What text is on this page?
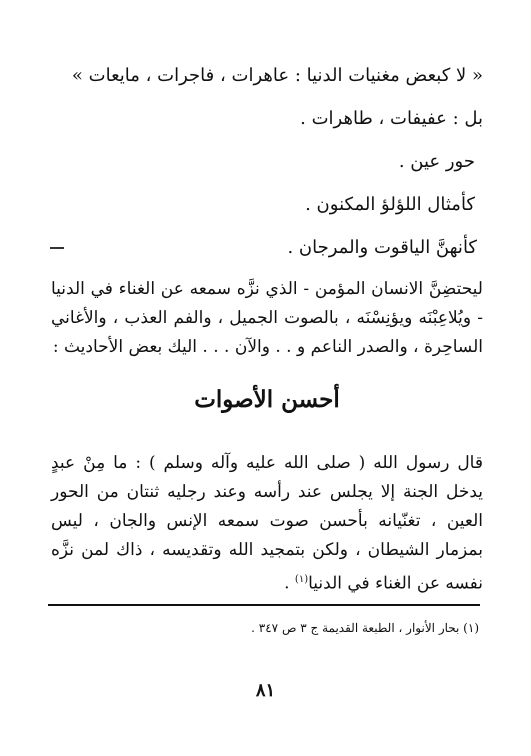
« لا كبعض مغنيات الدنيا : عاهرات ، فاجرات ، مايعات »
بل : عفيفات ، طاهرات .
حور عين .
كأمثال اللؤلؤ المكنون .
كأنهنَّ الياقوت والمرجان .

ليحتضِنَّ الانسان المؤمن - الذي نزَّه سمعه عن الغناء في الدنيا - ويُلاعِبْنَه ويؤنِسْنَه ، بالصوت الجميل ، والفم العذب ، والأغاني الساحِرة ، والصدر الناعم و . . والآن . . . اليك بعض الأحاديث :

أحسن الأصوات

قال رسول الله ( صلى الله عليه وآله وسلم ) : ما مِنْ عبدٍ يدخل الجنة إلا يجلس عند رأسه وعند رجليه ثنتان من الحور العين ، تغنّيانه بأحسن صوت سمعه الإنس والجان ، ليس بمزمار الشيطان ، ولكن بتمجيد الله وتقديسه ، ذاك لمن نزَّه نفسه عن الغناء في الدنيا$^{(١)}$ .

(١) بحار الأنوار ، الطبعة القديمة ج ٣ ص ٣٤٧ .
٨١
